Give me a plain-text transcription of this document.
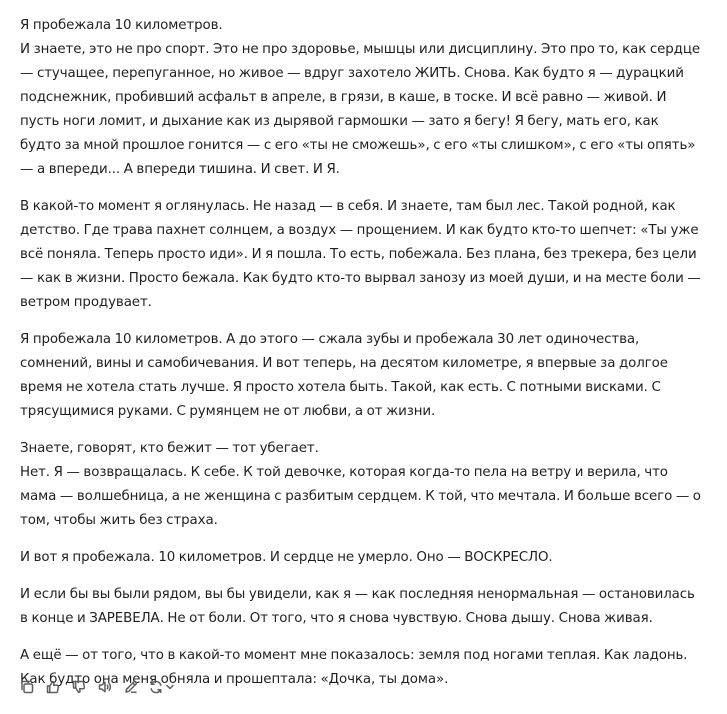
Я пробежала 10 километров.

И знаете, это не про спорт. Это не про здоровье, мышцы или дисциплину. Это про то, как сердце — стучащее, перепуганное, но живое — вдруг захотело ЖИТЬ. Снова. Как будто я — дурацкий подснежник, пробивший асфальт в апреле, в грязи, в каше, в тоске. И всё равно — живой. И пусть ноги ломит, и дыхание как из дырявой гармошки — зато я бегу! Я бегу, мать его, как будто за мной прошлое гонится — с его «ты не сможешь», с его «ты слишком», с его «ты опять» — а впереди... А впереди тишина. И свет. И Я.

В какой-то момент я оглянулась. Не назад — в себя. И знаете, там был лес. Такой родной, как детство. Где трава пахнет солнцем, а воздух — прощением. И как будто кто-то шепчет: «Ты уже всё поняла. Теперь просто иди». И я пошла. То есть, побежала. Без плана, без трекера, без цели — как в жизни. Просто бежала. Как будто кто-то вырвал занозу из моей души, и на месте боли — ветром продувает.

Я пробежала 10 километров. А до этого — сжала зубы и пробежала 30 лет одиночества, сомнений, вины и самобичевания. И вот теперь, на десятом километре, я впервые за долгое время не хотела стать лучше. Я просто хотела быть. Такой, как есть. С потными висками. С трясущимися руками. С румянцем не от любви, а от жизни.

Знаете, говорят, кто бежит — тот убегает.

Нет. Я — возвращалась. К себе. К той девочке, которая когда-то пела на ветру и верила, что мама — волшебница, а не женщина с разбитым сердцем. К той, что мечтала. И больше всего — о том, чтобы жить без страха.

И вот я пробежала. 10 километров. И сердце не умерло. Оно — ВОСКРЕСЛО.

И если бы вы были рядом, вы бы увидели, как я — как последняя ненормальная — остановилась в конце и ЗАРЕВЕЛА. Не от боли. От того, что я снова чувствую. Снова дышу. Снова живая.

А ещё — от того, что в какой-то момент мне показалось: земля под ногами теплая. Как ладонь. Как будто она меня обняла и прошептала: «Дочка, ты дома».
